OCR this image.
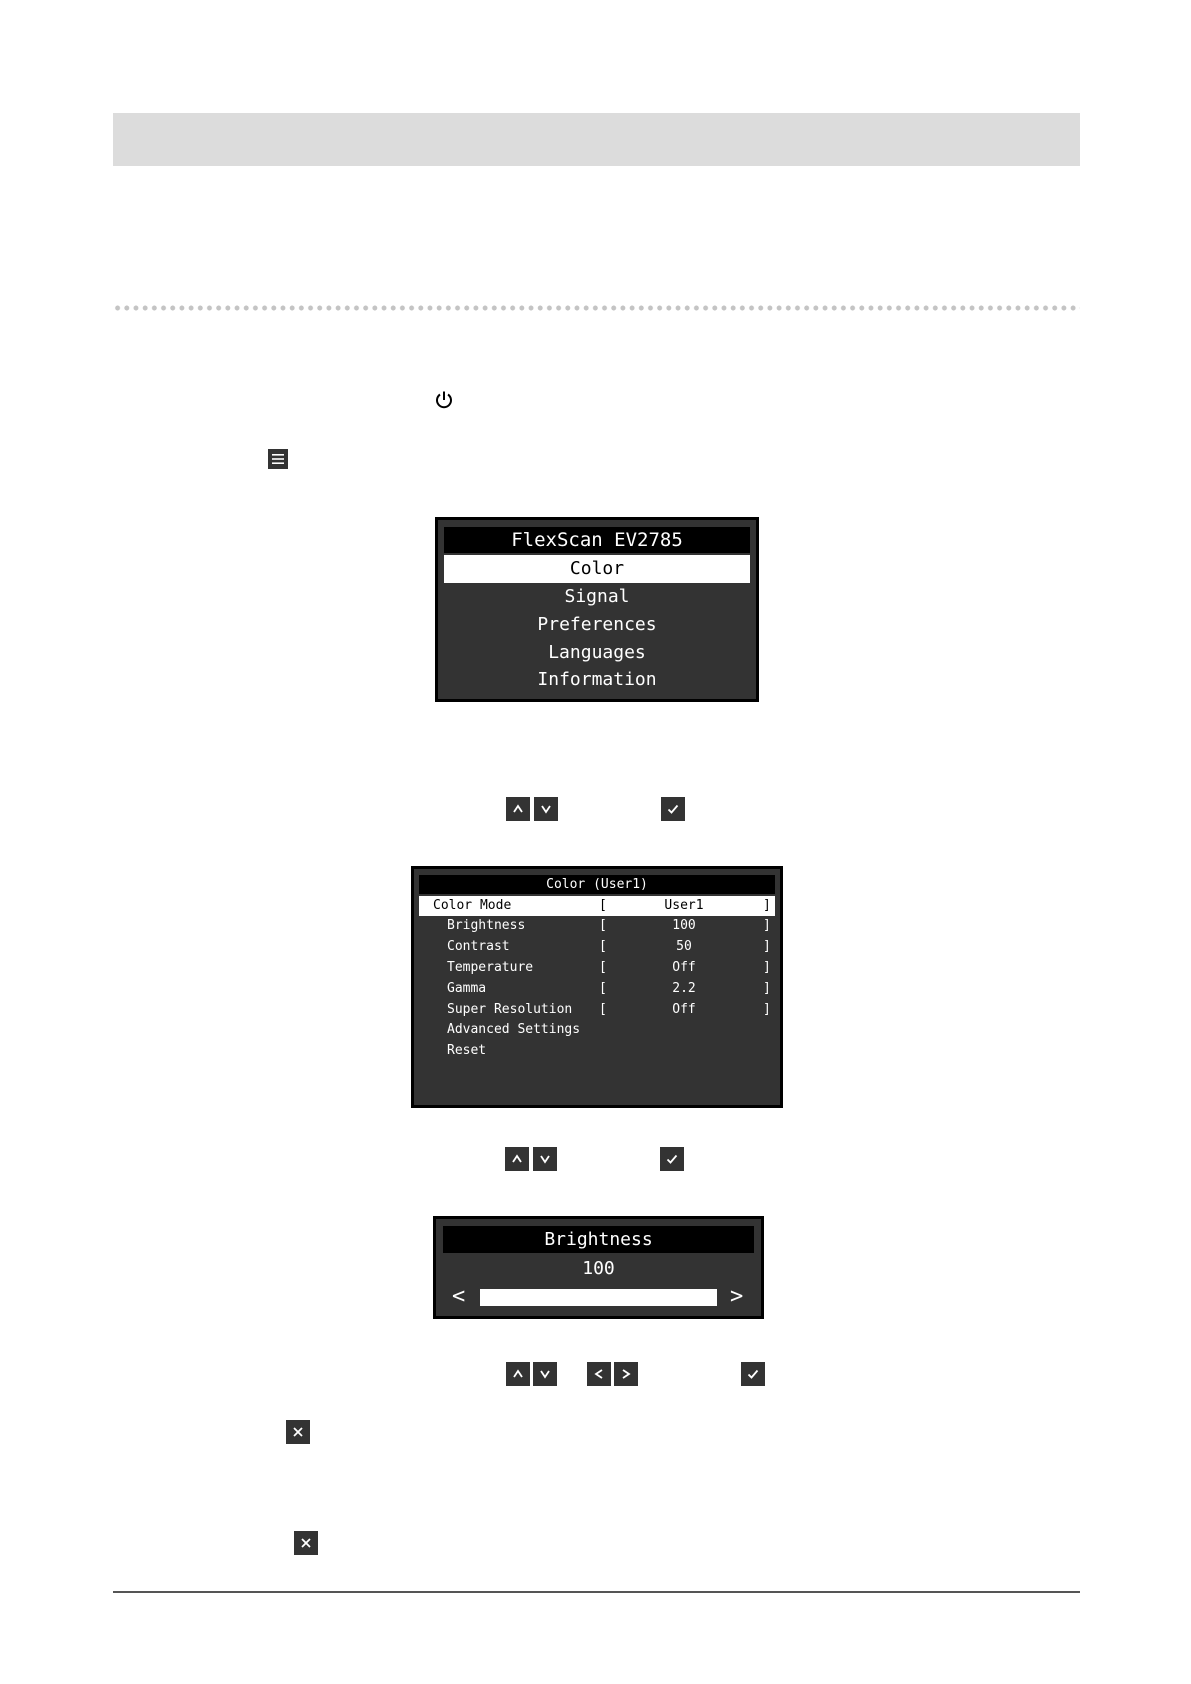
FlexScan EV2785
Color
Signal
Preferences
Languages
Information
Color (User1)
Color Mode	[	User1	]
Brightness	[	100	]
Contrast	[	50	]
Temperature	[	Off	]
Gamma	[	2.2	]
Super Resolution [	Off	]
Advanced Settings
Reset
Brightness
100
<	>
